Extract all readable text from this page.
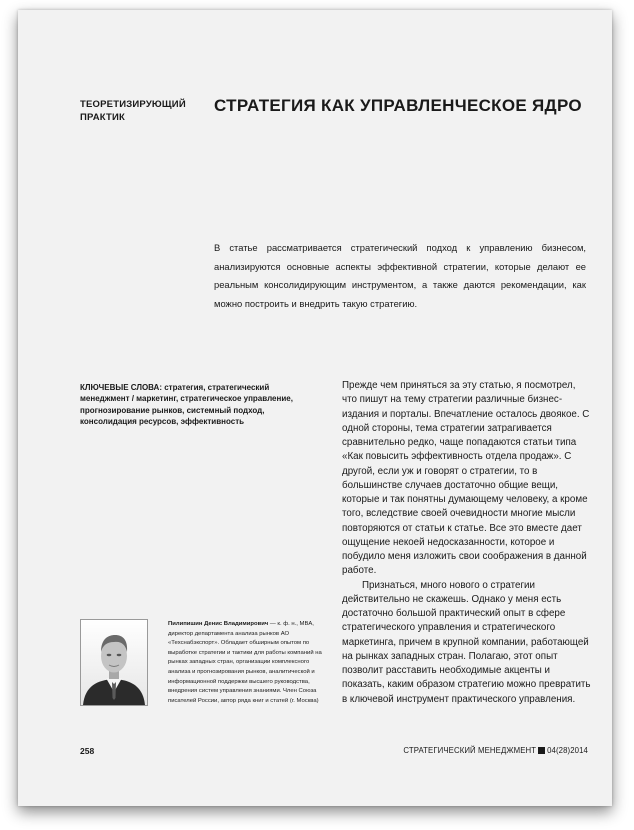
ТЕОРЕТИЗИРУЮЩИЙ ПРАКТИК
СТРАТЕГИЯ КАК УПРАВЛЕНЧЕСКОЕ ЯДРО
В статье рассматривается стратегический подход к управлению бизнесом, анализируются основные аспекты эффективной стратегии, которые делают ее реальным консолидирующим инструментом, а также даются рекомендации, как можно построить и внедрить такую стратегию.
КЛЮЧЕВЫЕ СЛОВА: стратегия, стратегический менеджмент / маркетинг, стратегическое управление, прогнозирование рынков, системный подход, консолидация ресурсов, эффективность

Прежде чем приняться за эту статью, я посмотрел, что пишут на тему стратегии различные бизнес-издания и порталы. Впечатление осталось двоякое. С одной стороны, тема стратегии затрагивается сравнительно редко, чаще попадаются статьи типа «Как повысить эффективность отдела продаж». С другой, если уж и говорят о стратегии, то в большинстве случаев достаточно общие вещи, которые и так понятны думающему человеку, а кроме того, вследствие своей очевидности многие мысли повторяются от статьи к статье. Все это вместе дает ощущение некоей недосказанности, которое и побудило меня изложить свои соображения в данной работе.

Признаться, много нового о стратегии действительно не скажешь. Однако у меня есть достаточно большой практический опыт в сфере стратегического управления и стратегического маркетинга, причем в крупной компании, работающей на рынках западных стран. Полагаю, этот опыт позволит расставить необходимые акценты и показать, каким образом стратегию можно превратить в ключевой инструмент практического управления.

Пилипишин Денис Владимирович — к. ф. н., MBA, директор департамента анализа рынков АО «Техснабэкспорт». Обладает обширным опытом по выработке стратегии и тактики для работы компаний на рынках западных стран, организации комплексного анализа и прогнозирования рынков, аналитической и информационной поддержки высшего руководства, внедрения систем управления знаниями. Член Союза писателей России, автор ряда книг и статей (г. Москва)
258	СТРАТЕГИЧЕСКИЙ МЕНЕДЖМЕНТ 04(28)2014
